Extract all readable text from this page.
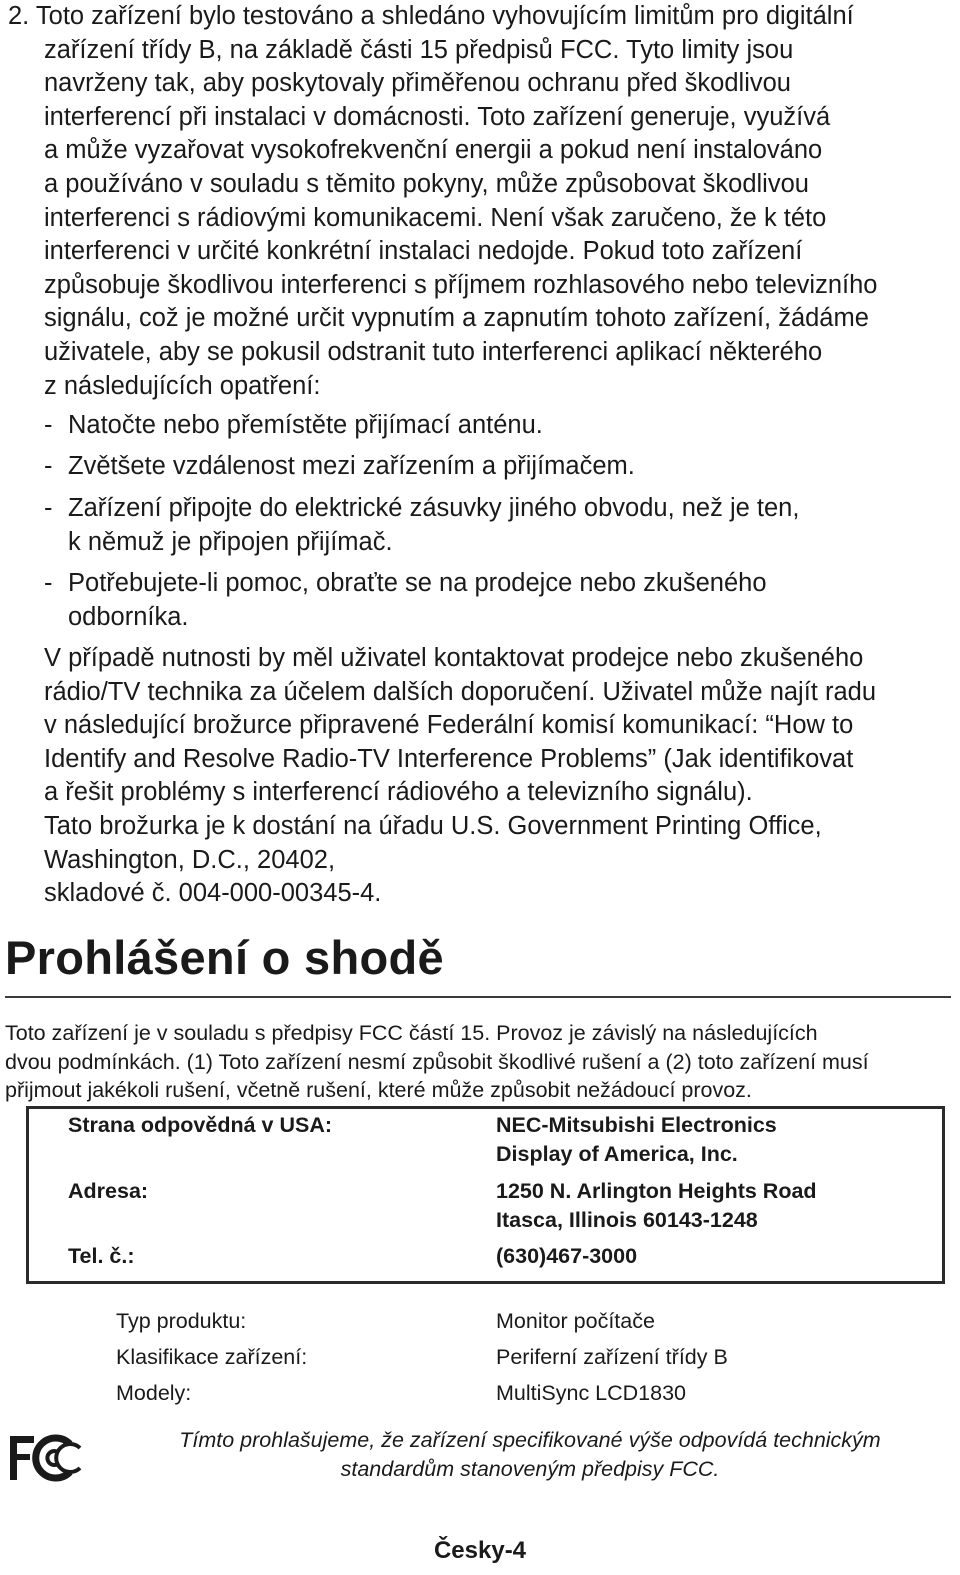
2. Toto zařízení bylo testováno a shledáno vyhovujícím limitům pro digitální
zařízení třídy B, na základě části 15 předpisů FCC. Tyto limity jsou
navrženy tak, aby poskytovaly přiměřenou ochranu před škodlivou
interferencí při instalaci v domácnosti. Toto zařízení generuje, využívá
a může vyzařovat vysokofrekvenční energii a pokud není instalováno
a používáno v souladu s těmito pokyny, může způsobovat škodlivou
interferenci s rádiovými komunikacemi. Není však zaručeno, že k této
interferenci v určité konkrétní instalaci nedojde. Pokud toto zařízení
způsobuje škodlivou interferenci s příjmem rozhlasového nebo televizního
signálu, což je možné určit vypnutím a zapnutím tohoto zařízení, žádáme
uživatele, aby se pokusil odstranit tuto interferenci aplikací některého
z následujících opatření:
- Natočte nebo přemístěte přijímací anténu.
- Zvětšete vzdálenost mezi zařízením a přijímačem.
- Zařízení připojte do elektrické zásuvky jiného obvodu, než je ten,
k němuž je připojen přijímač.
- Potřebujete-li pomoc, obraťte se na prodejce nebo zkušeného
odborníka.
V případě nutnosti by měl uživatel kontaktovat prodejce nebo zkušeného
rádio/TV technika za účelem dalších doporučení. Uživatel může najít radu
v následující brožurce připravené Federální komisí komunikací: “How to
Identify and Resolve Radio-TV Interference Problems” (Jak identifikovat
a řešit problémy s interferencí rádiového a televizního signálu).
Tato brožurka je k dostání na úřadu U.S. Government Printing Office,
Washington, D.C., 20402,
skladové č. 004-000-00345-4.
Prohlášení o shodě
Toto zařízení je v souladu s předpisy FCC částí 15. Provoz je závislý na následujících
dvou podmínkách. (1) Toto zařízení nesmí způsobit škodlivé rušení a (2) toto zařízení musí
přijmout jakékoli rušení, včetně rušení, které může způsobit nežádoucí provoz.
Strana odpovědná v USA:	NEC-Mitsubishi Electronics
Display of America, Inc.
Adresa:	1250 N. Arlington Heights Road
Itasca, Illinois 60143-1248
Tel. č.:	(630)467-3000
Typ produktu:	Monitor počítače
Klasifikace zařízení:	Periferní zařízení třídy B
Modely:	MultiSync LCD1830
Tímto prohlašujeme, že zařízení specifikované výše odpovídá technickým
standardům stanoveným předpisy FCC.
Česky-4
